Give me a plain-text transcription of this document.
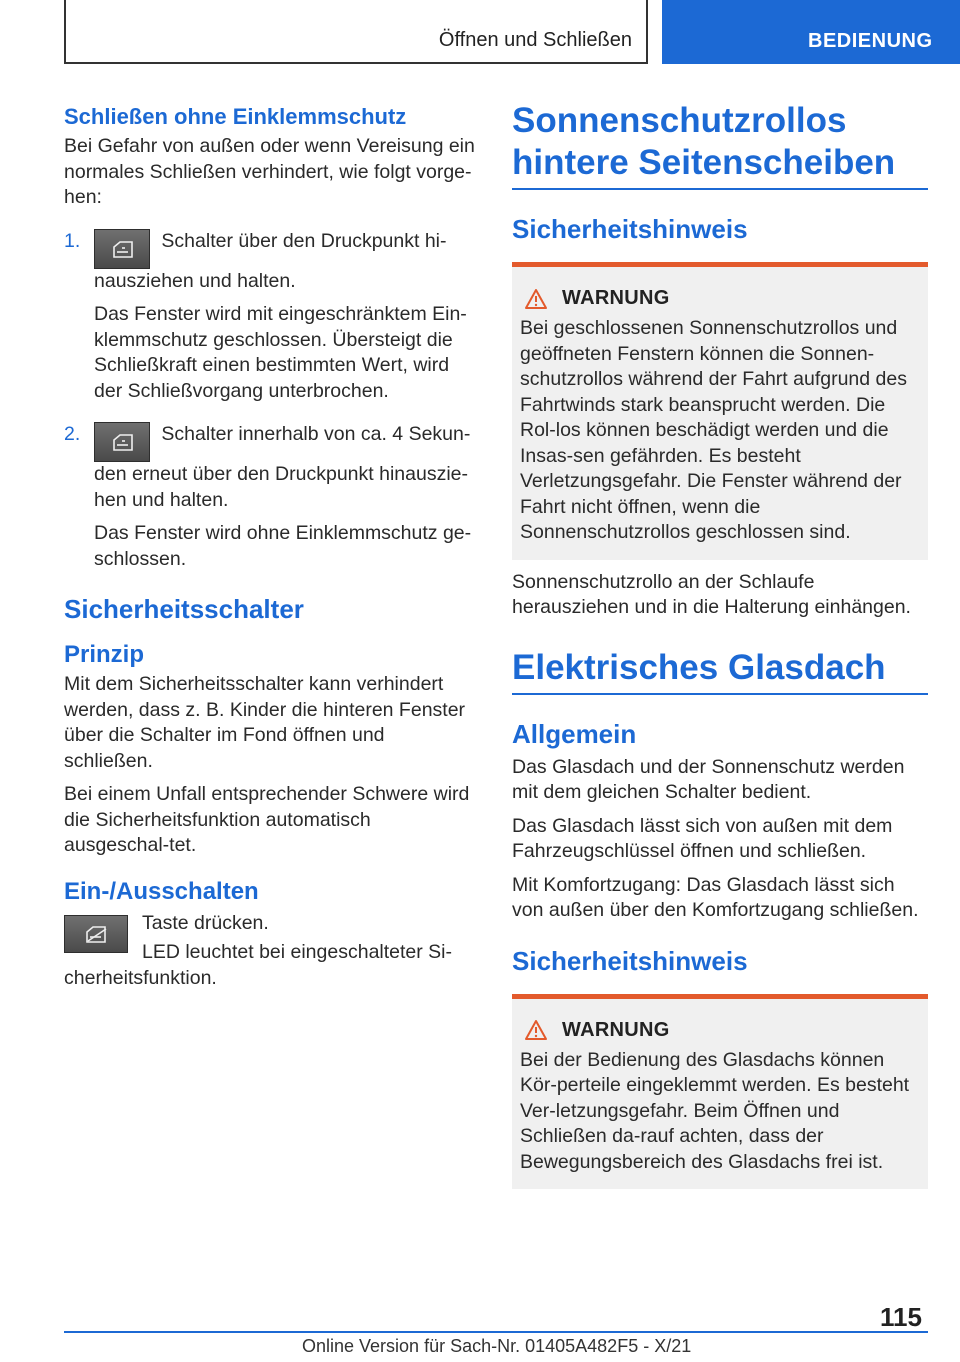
Öffnen und Schließen	BEDIENUNG
Schließen ohne Einklemmschutz

Bei Gefahr von außen oder wenn Vereisung ein normales Schließen verhindert, wie folgt vorge-hen:

1.	Schalter über den Druckpunkt hi-nausziehen und halten.

Das Fenster wird mit eingeschränktem Ein-klemmschutz geschlossen. Übersteigt die Schließkraft einen bestimmten Wert, wird der Schließvorgang unterbrochen.

2.	Schalter innerhalb von ca. 4 Sekun-den erneut über den Druckpunkt hinauszie-hen und halten.

Das Fenster wird ohne Einklemmschutz ge-schlossen.

Sicherheitsschalter
Prinzip

Mit dem Sicherheitsschalter kann verhindert werden, dass z. B. Kinder die hinteren Fenster über die Schalter im Fond öffnen und schließen.

Bei einem Unfall entsprechender Schwere wird die Sicherheitsfunktion automatisch ausgeschal-tet.

Ein-/Ausschalten

Taste drücken.

LED leuchtet bei eingeschalteter Si-cherheitsfunktion.

Sonnenschutzrollos hintere Seitenscheiben
Sicherheitshinweis
WARNUNG

Bei geschlossenen Sonnenschutzrollos und geöffneten Fenstern können die Sonnen-schutzrollos während der Fahrt aufgrund des Fahrtwinds stark beansprucht werden. Die Rol-los können beschädigt werden und die Insas-sen gefährden. Es besteht Verletzungsgefahr. Die Fenster während der Fahrt nicht öffnen, wenn die Sonnenschutzrollos geschlossen sind.

Sonnenschutzrollo an der Schlaufe herausziehen und in die Halterung einhängen.

Elektrisches Glasdach
Allgemein

Das Glasdach und der Sonnenschutz werden mit dem gleichen Schalter bedient.

Das Glasdach lässt sich von außen mit dem Fahrzeugschlüssel öffnen und schließen.

Mit Komfortzugang: Das Glasdach lässt sich von außen über den Komfortzugang schließen.

Sicherheitshinweis
WARNUNG

Bei der Bedienung des Glasdachs können Kör-perteile eingeklemmt werden. Es besteht Ver-letzungsgefahr. Beim Öffnen und Schließen da-rauf achten, dass der Bewegungsbereich des Glasdachs frei ist.

115
Online Version für Sach-Nr. 01405A482F5 - X/21
